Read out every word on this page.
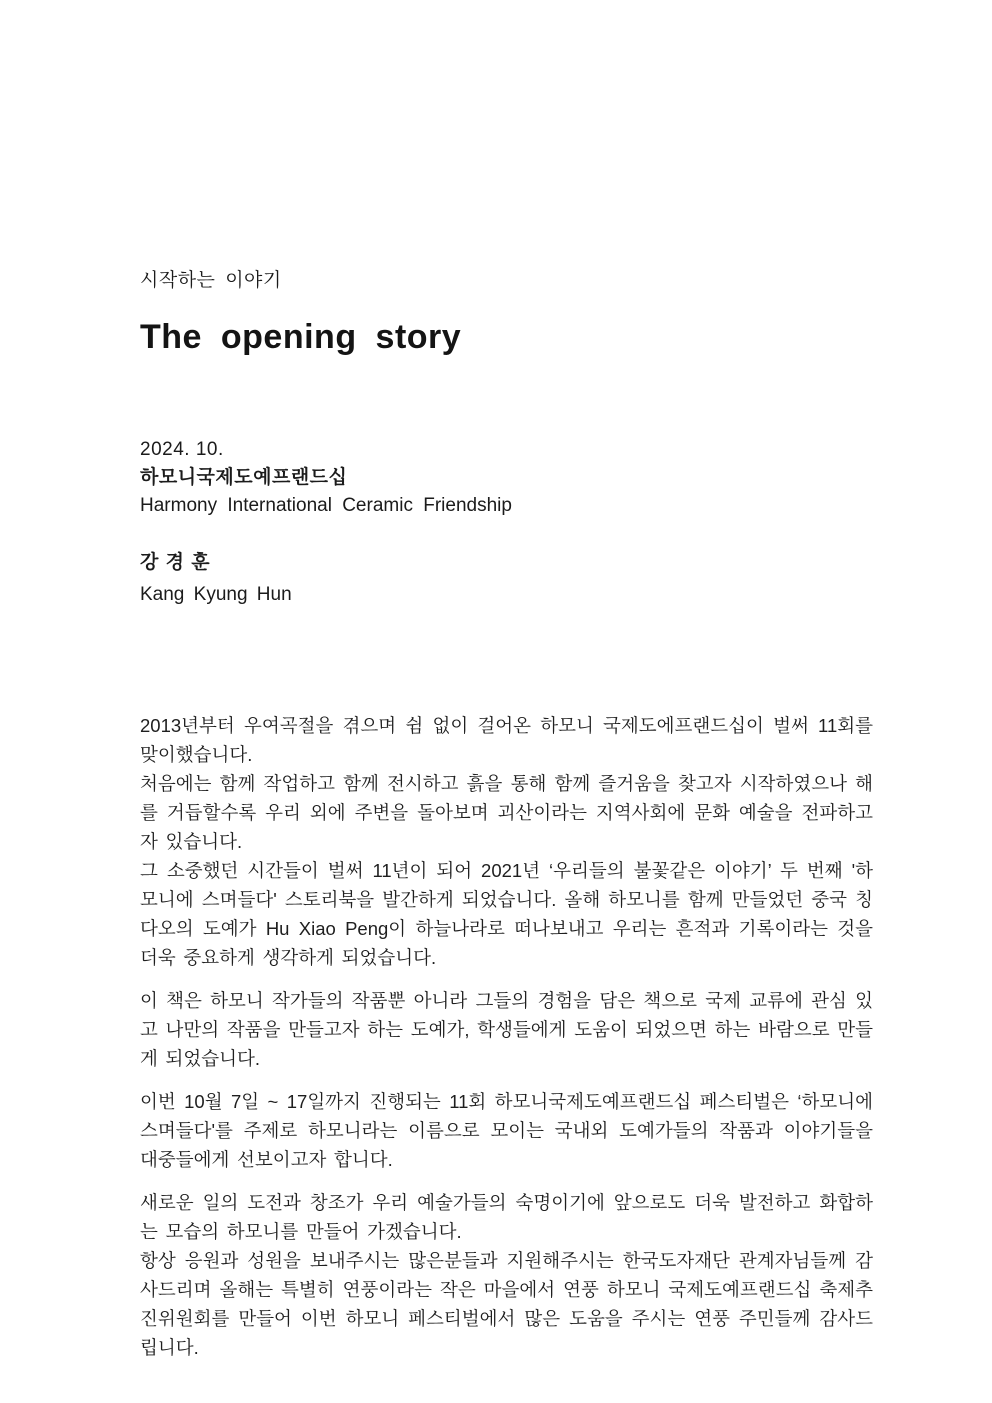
시작하는 이야기
The opening story
2024. 10.
하모니국제도예프랜드십
Harmony International Ceramic Friendship
강 경 훈
Kang Kyung Hun
2013년부터 우여곡절을 겪으며 쉼 없이 걸어온 하모니 국제도에프랜드십이 벌써 11회를 맞이했습니다.
처음에는 함께 작업하고 함께 전시하고 흙을 통해 함께 즐거움을 찾고자 시작하였으나 해를 거듭할수록 우리 외에 주변을 돌아보며 괴산이라는 지역사회에 문화 예술을 전파하고자 있습니다.
그 소중했던 시간들이 벌써 11년이 되어 2021년 ‘우리들의 불꽃같은 이야기’ 두 번째 '하모니에 스며들다' 스토리북을 발간하게 되었습니다. 올해 하모니를 함께 만들었던 중국 칭다오의 도예가 Hu Xiao Peng이 하늘나라로 떠나보내고 우리는 흔적과 기록이라는 것을 더욱 중요하게 생각하게 되었습니다.
이 책은 하모니 작가들의 작품뿐 아니라 그들의 경험을 담은 책으로 국제 교류에 관심 있고 나만의 작품을 만들고자 하는 도예가, 학생들에게 도움이 되었으면 하는 바람으로 만들게 되었습니다.
이번 10월 7일 ~ 17일까지 진행되는 11회 하모니국제도예프랜드십 페스티벌은 ‘하모니에 스며들다'를 주제로 하모니라는 이름으로 모이는 국내외 도예가들의 작품과 이야기들을 대중들에게 선보이고자 합니다.
새로운 일의 도전과 창조가 우리 예술가들의 숙명이기에 앞으로도 더욱 발전하고 화합하는 모습의 하모니를 만들어 가겠습니다.
항상 응원과 성원을 보내주시는 많은분들과 지원해주시는 한국도자재단 관계자님들께 감사드리며 올해는 특별히 연풍이라는 작은 마을에서 연풍 하모니 국제도예프랜드십 축제추진위원회를 만들어 이번 하모니 페스티벌에서 많은 도움을 주시는 연풍 주민들께 감사드립니다.
